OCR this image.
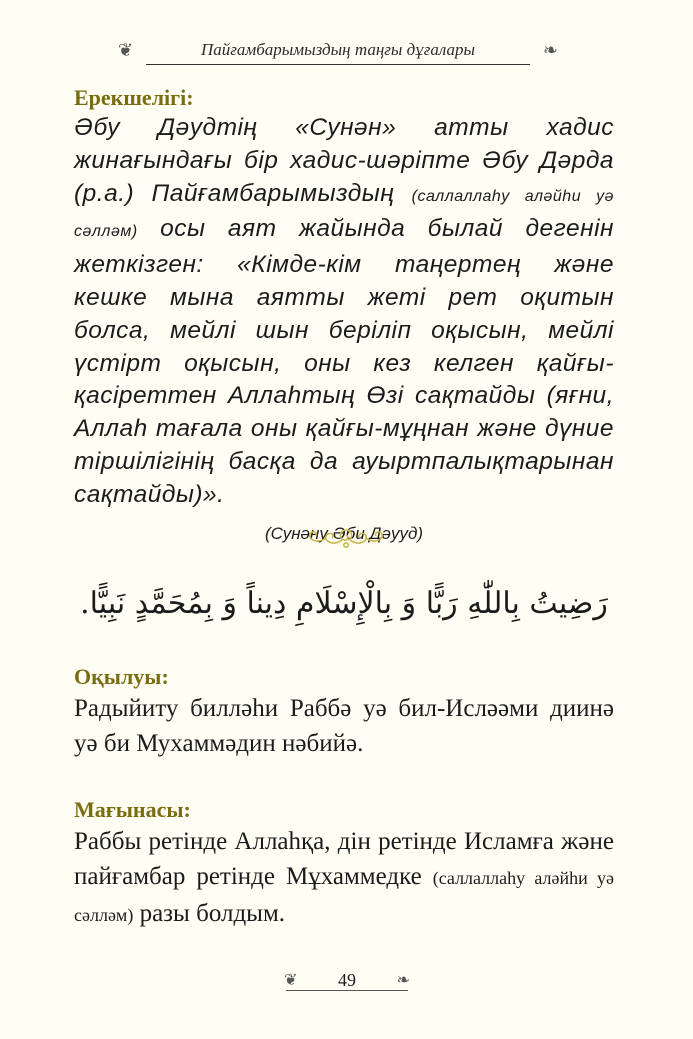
❦	Пайғамбарымыздың таңғы дұғалары	❧
Ерекшелігі:
Әбу Дәудтің «Сунән» атты хадис жинағындағы бір хадис-шәріпте Әбу Дәрда (р.а.) Пайғамбарымыздың (саллаллаһу аләйһи уә сәлләм) осы аят жайында былай дегенін жеткізген: «Кімде-кім таңертең және кешке мына аятты жеті рет оқитын болса, мейлі шын беріліп оқысын, мейлі үстірт оқысын, оны кез келген қайғы-қасіреттен Аллаһтың Өзі сақтайды (яғни, Аллаһ тағала оны қайғы-мұңнан және дүние тіршілігінің басқа да ауыртпалықтарынан сақтайды)».
(Сунәну Әби Дәууд)
رَضِيتُ بِاللّٰهِ رَبًّا وَ بِالْإِسْلَامِ دِيناً وَ بِمُحَمَّدٍ نَبِيًّا.
Оқылуы:
Радыйиту билләһи Раббә уә бил-Исләәми диинә уә би Мухаммәдин нәбийә.
Мағынасы:
Раббы ретінде Аллаһқа, дін ретінде Исламға және пайғамбар ретінде Мұхаммедке (саллаллаһу аләйһи уә сәлләм) разы болдым.
❦	49	❧
